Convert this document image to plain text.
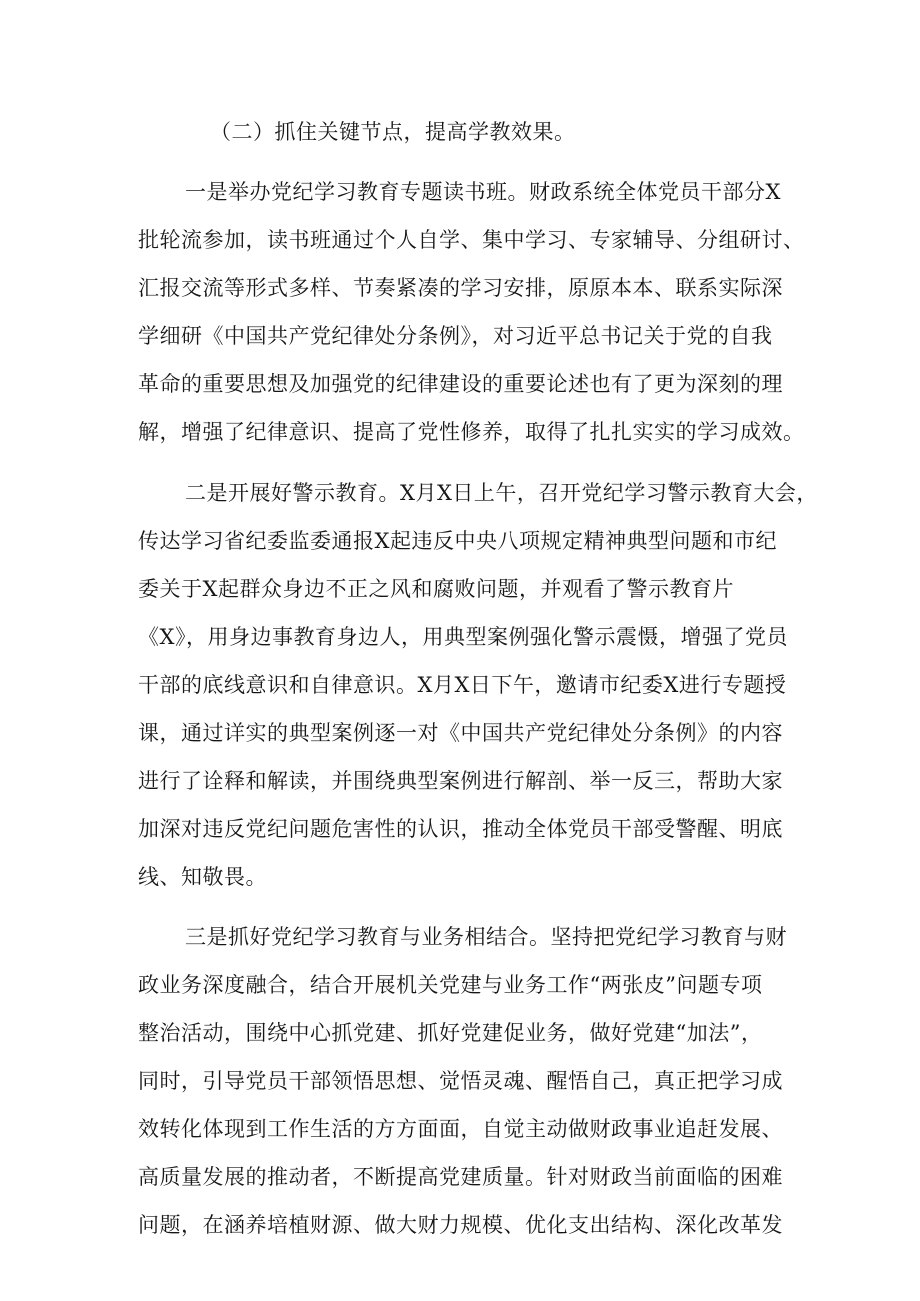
（二）抓住关键节点，提高学教效果。
一是举办党纪学习教育专题读书班。财政系统全体党员干部分X
批轮流参加，读书班通过个人自学、集中学习、专家辅导、分组研讨、
汇报交流等形式多样、节奏紧凑的学习安排，原原本本、联系实际深
学细研《中国共产党纪律处分条例》，对习近平总书记关于党的自我
革命的重要思想及加强党的纪律建设的重要论述也有了更为深刻的理
解，增强了纪律意识、提高了党性修养，取得了扎扎实实的学习成效。
二是开展好警示教育。X月X日上午，召开党纪学习警示教育大会，
传达学习省纪委监委通报X起违反中央八项规定精神典型问题和市纪
委关于X起群众身边不正之风和腐败问题，并观看了警示教育片
《X》，用身边事教育身边人，用典型案例强化警示震慑，增强了党员
干部的底线意识和自律意识。X月X日下午，邀请市纪委X进行专题授
课，通过详实的典型案例逐一对《中国共产党纪律处分条例》的内容
进行了诠释和解读，并围绕典型案例进行解剖、举一反三，帮助大家
加深对违反党纪问题危害性的认识，推动全体党员干部受警醒、明底
线、知敬畏。
三是抓好党纪学习教育与业务相结合。坚持把党纪学习教育与财
政业务深度融合，结合开展机关党建与业务工作“两张皮”问题专项
整治活动，围绕中心抓党建、抓好党建促业务，做好党建“加法”，
同时，引导党员干部领悟思想、觉悟灵魂、醒悟自己，真正把学习成
效转化体现到工作生活的方方面面，自觉主动做财政事业追赶发展、
高质量发展的推动者，不断提高党建质量。针对财政当前面临的困难
问题，在涵养培植财源、做大财力规模、优化支出结构、深化改革发
